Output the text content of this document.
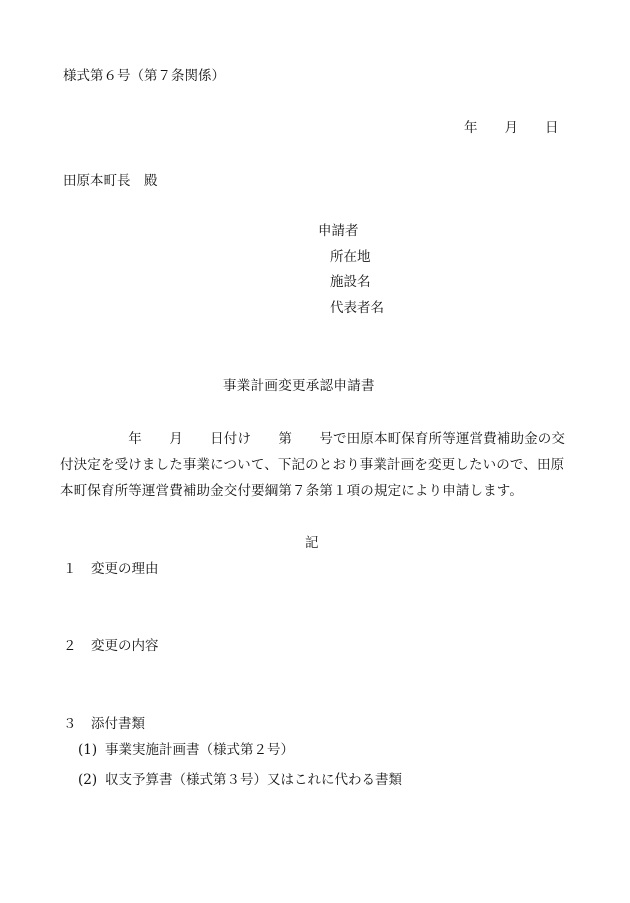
様式第６号（第７条関係）
年　　月　　日
田原本町長　殿
申請者
所在地
施設名
代表者名
事業計画変更承認申請書
　　　　　年　　月　　日付け　　第　　号で田原本町保育所等運営費補助金の交
付決定を受けました事業について、下記のとおり事業計画を変更したいので、田原
本町保育所等運営費補助金交付要綱第７条第１項の規定により申請します。
記
１ 変更の理由
２ 変更の内容
３ 添付書類
(1) 事業実施計画書（様式第２号）
(2) 収支予算書（様式第３号）又はこれに代わる書類
